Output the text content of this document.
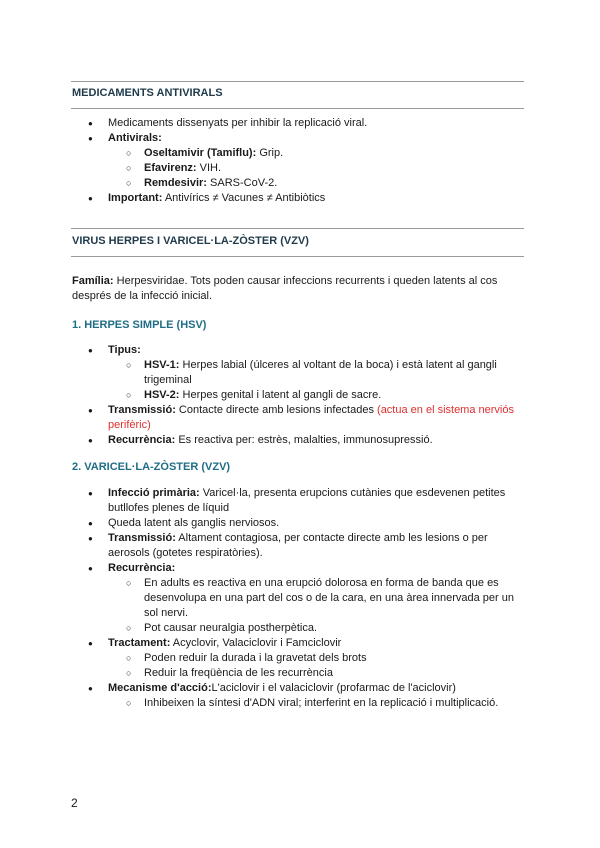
MEDICAMENTS ANTIVIRALS
● Medicaments dissenyats per inhibir la replicació viral.
● Antivirals:
○ Oseltamivir (Tamiflu): Grip.
○ Efavirenz: VIH.
○ Remdesivir: SARS-CoV-2.
● Important: Antivírics ≠ Vacunes ≠ Antibiòtics
VIRUS HERPES I VARICEL·LA-ZÒSTER (VZV)
Família: Herpesviridae. Tots poden causar infeccions recurrents i queden latents al cos després de la infecció inicial.
1. HERPES SIMPLE (HSV)
● Tipus:
○ HSV-1: Herpes labial (úlceres al voltant de la boca) i està latent al gangli trigeminal
○ HSV-2: Herpes genital i latent al gangli de sacre.
● Transmissió: Contacte directe amb lesions infectades (actua en el sistema nerviós perifèric)
● Recurrència: Es reactiva per: estrès, malalties, immunosupressió.
2. VARICEL·LA-ZÒSTER (VZV)
● Infecció primària: Varicel·la, presenta erupcions cutànies que esdevenen petites butllofes plenes de líquid
● Queda latent als ganglis nerviosos.
● Transmissió: Altament contagiosa, per contacte directe amb les lesions o per aerosols (gotetes respiratòries).
● Recurrència:
○ En adults es reactiva en una erupció dolorosa en forma de banda que es desenvolupa en una part del cos o de la cara, en una àrea innervada per un sol nervi.
○ Pot causar neuralgia postherpètica.
● Tractament: Acyclovir, Valaciclovir i Famciclovir
○ Poden reduir la durada i la gravetat dels brots
○ Reduir la freqüència de les recurrència
● Mecanisme d'acció:L'aciclovir i el valaciclovir (profarmac de l'aciclovir)
○ Inhibeixen la síntesi d'ADN viral; interferint en la replicació i multiplicació.
2
